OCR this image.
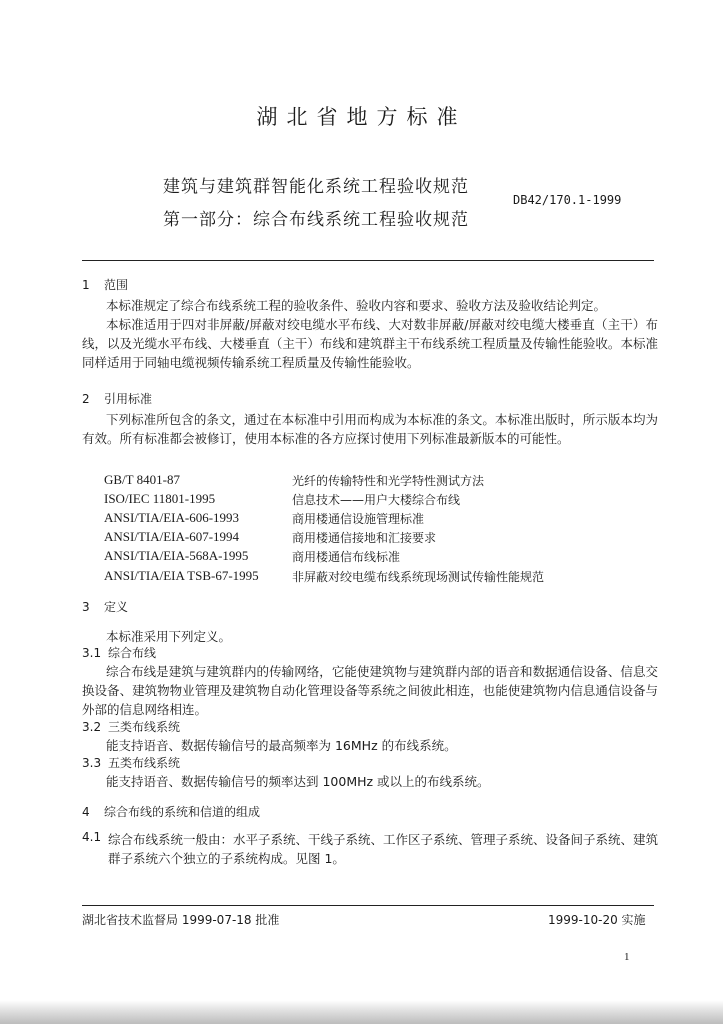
湖北省地方标准
建筑与建筑群智能化系统工程验收规范
第一部分：综合布线系统工程验收规范
DB42/170.1-1999
1 范围
本标准规定了综合布线系统工程的验收条件、验收内容和要求、验收方法及验收结论判定。
本标准适用于四对非屏蔽/屏蔽对绞电缆水平布线、大对数非屏蔽/屏蔽对绞电缆大楼垂直（主干）布线，以及光缆水平布线、大楼垂直（主干）布线和建筑群主干布线系统工程质量及传输性能验收。本标准同样适用于同轴电缆视频传输系统工程质量及传输性能验收。
2 引用标准
下列标准所包含的条文，通过在本标准中引用而构成为本标准的条文。本标准出版时，所示版本均为有效。所有标准都会被修订，使用本标准的各方应探讨使用下列标准最新版本的可能性。
GB/T 8401-87	光纤的传输特性和光学特性测试方法
ISO/IEC 11801-1995	信息技术——用户大楼综合布线
ANSI/TIA/EIA-606-1993	商用楼通信设施管理标准
ANSI/TIA/EIA-607-1994	商用楼通信接地和汇接要求
ANSI/TIA/EIA-568A-1995	商用楼通信布线标准
ANSI/TIA/EIA TSB-67-1995	非屏蔽对绞电缆布线系统现场测试传输性能规范
3 定义
本标准采用下列定义。
3.1 综合布线
综合布线是建筑与建筑群内的传输网络，它能使建筑物与建筑群内部的语音和数据通信设备、信息交换设备、建筑物物业管理及建筑物自动化管理设备等系统之间彼此相连，也能使建筑物内信息通信设备与外部的信息网络相连。
3.2 三类布线系统
能支持语音、数据传输信号的最高频率为 16MHz 的布线系统。
3.3 五类布线系统
能支持语音、数据传输信号的频率达到 100MHz 或以上的布线系统。
4 综合布线的系统和信道的组成
4.1 综合布线系统一般由：水平子系统、干线子系统、工作区子系统、管理子系统、设备间子系统、建筑群子系统六个独立的子系统构成。见图 1。
湖北省技术监督局 1999-07-18 批准	1999-10-20 实施
1
